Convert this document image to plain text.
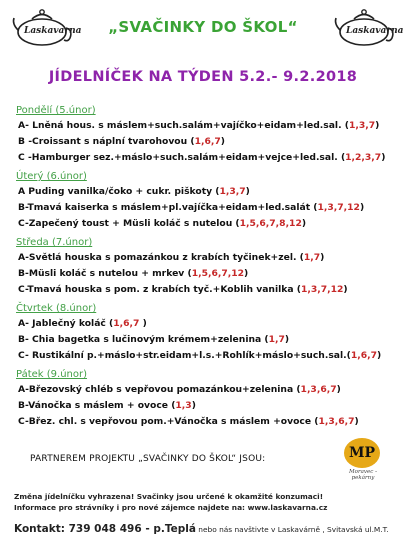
Laskavarna	Laskavarna
„SVAČINKY DO ŠKOL“
JÍDELNÍČEK NA TÝDEN 5.2.- 9.2.2018
Pondělí (5.únor)
A- Lněná hous. s máslem+such.salám+vajíčko+eidam+led.sal. (1,3,7)
B -Croissant s náplní tvarohovou (1,6,7)
C -Hamburger sez.+máslo+such.salám+eidam+vejce+led.sal. (1,2,3,7)
Úterý (6.únor)
A Puding vanilka/čoko + cukr. piškoty (1,3,7)
B-Tmavá kaiserka s máslem+pl.vajíčka+eidam+led.salát (1,3,7,12)
C-Zapečený toust + Müsli koláč s nutelou (1,5,6,7,8,12)
Středa (7.únor)
A-Světlá houska s pomazánkou z krabích tyčinek+zel. (1,7)
B-Müsli koláč s nutelou + mrkev (1,5,6,7,12)
C-Tmavá houska s pom. z krabích tyč.+Koblih vanilka (1,3,7,12)
Čtvrtek (8.únor)
A- Jablečný koláč (1,6,7 )
B- Chia bagetka s lučinovým krémem+zelenina (1,7)
C- Rustikální p.+máslo+str.eidam+l.s.+Rohlík+máslo+such.sal.(1,6,7)
Pátek (9.únor)
A-Březovský chléb s vepřovou pomazánkou+zelenina (1,3,6,7)
B-Vánočka s máslem + ovoce (1,3)
C-Břez. chl. s vepřovou pom.+Vánočka s máslem +ovoce (1,3,6,7)
PARTNEREM PROJEKTU „SVAČINKY DO ŠKOL“ JSOU:	MP
Moravec - pekárny
Změna jídelníčku vyhrazena! Svačinky jsou určené k okamžité konzumaci!
Informace pro strávníky i pro nové zájemce najdete na: www.laskavarna.cz
Kontakt: 739 048 496 - p.Teplá nebo nás navštivte v Laskavárně , Svitavská ul.M.T.
